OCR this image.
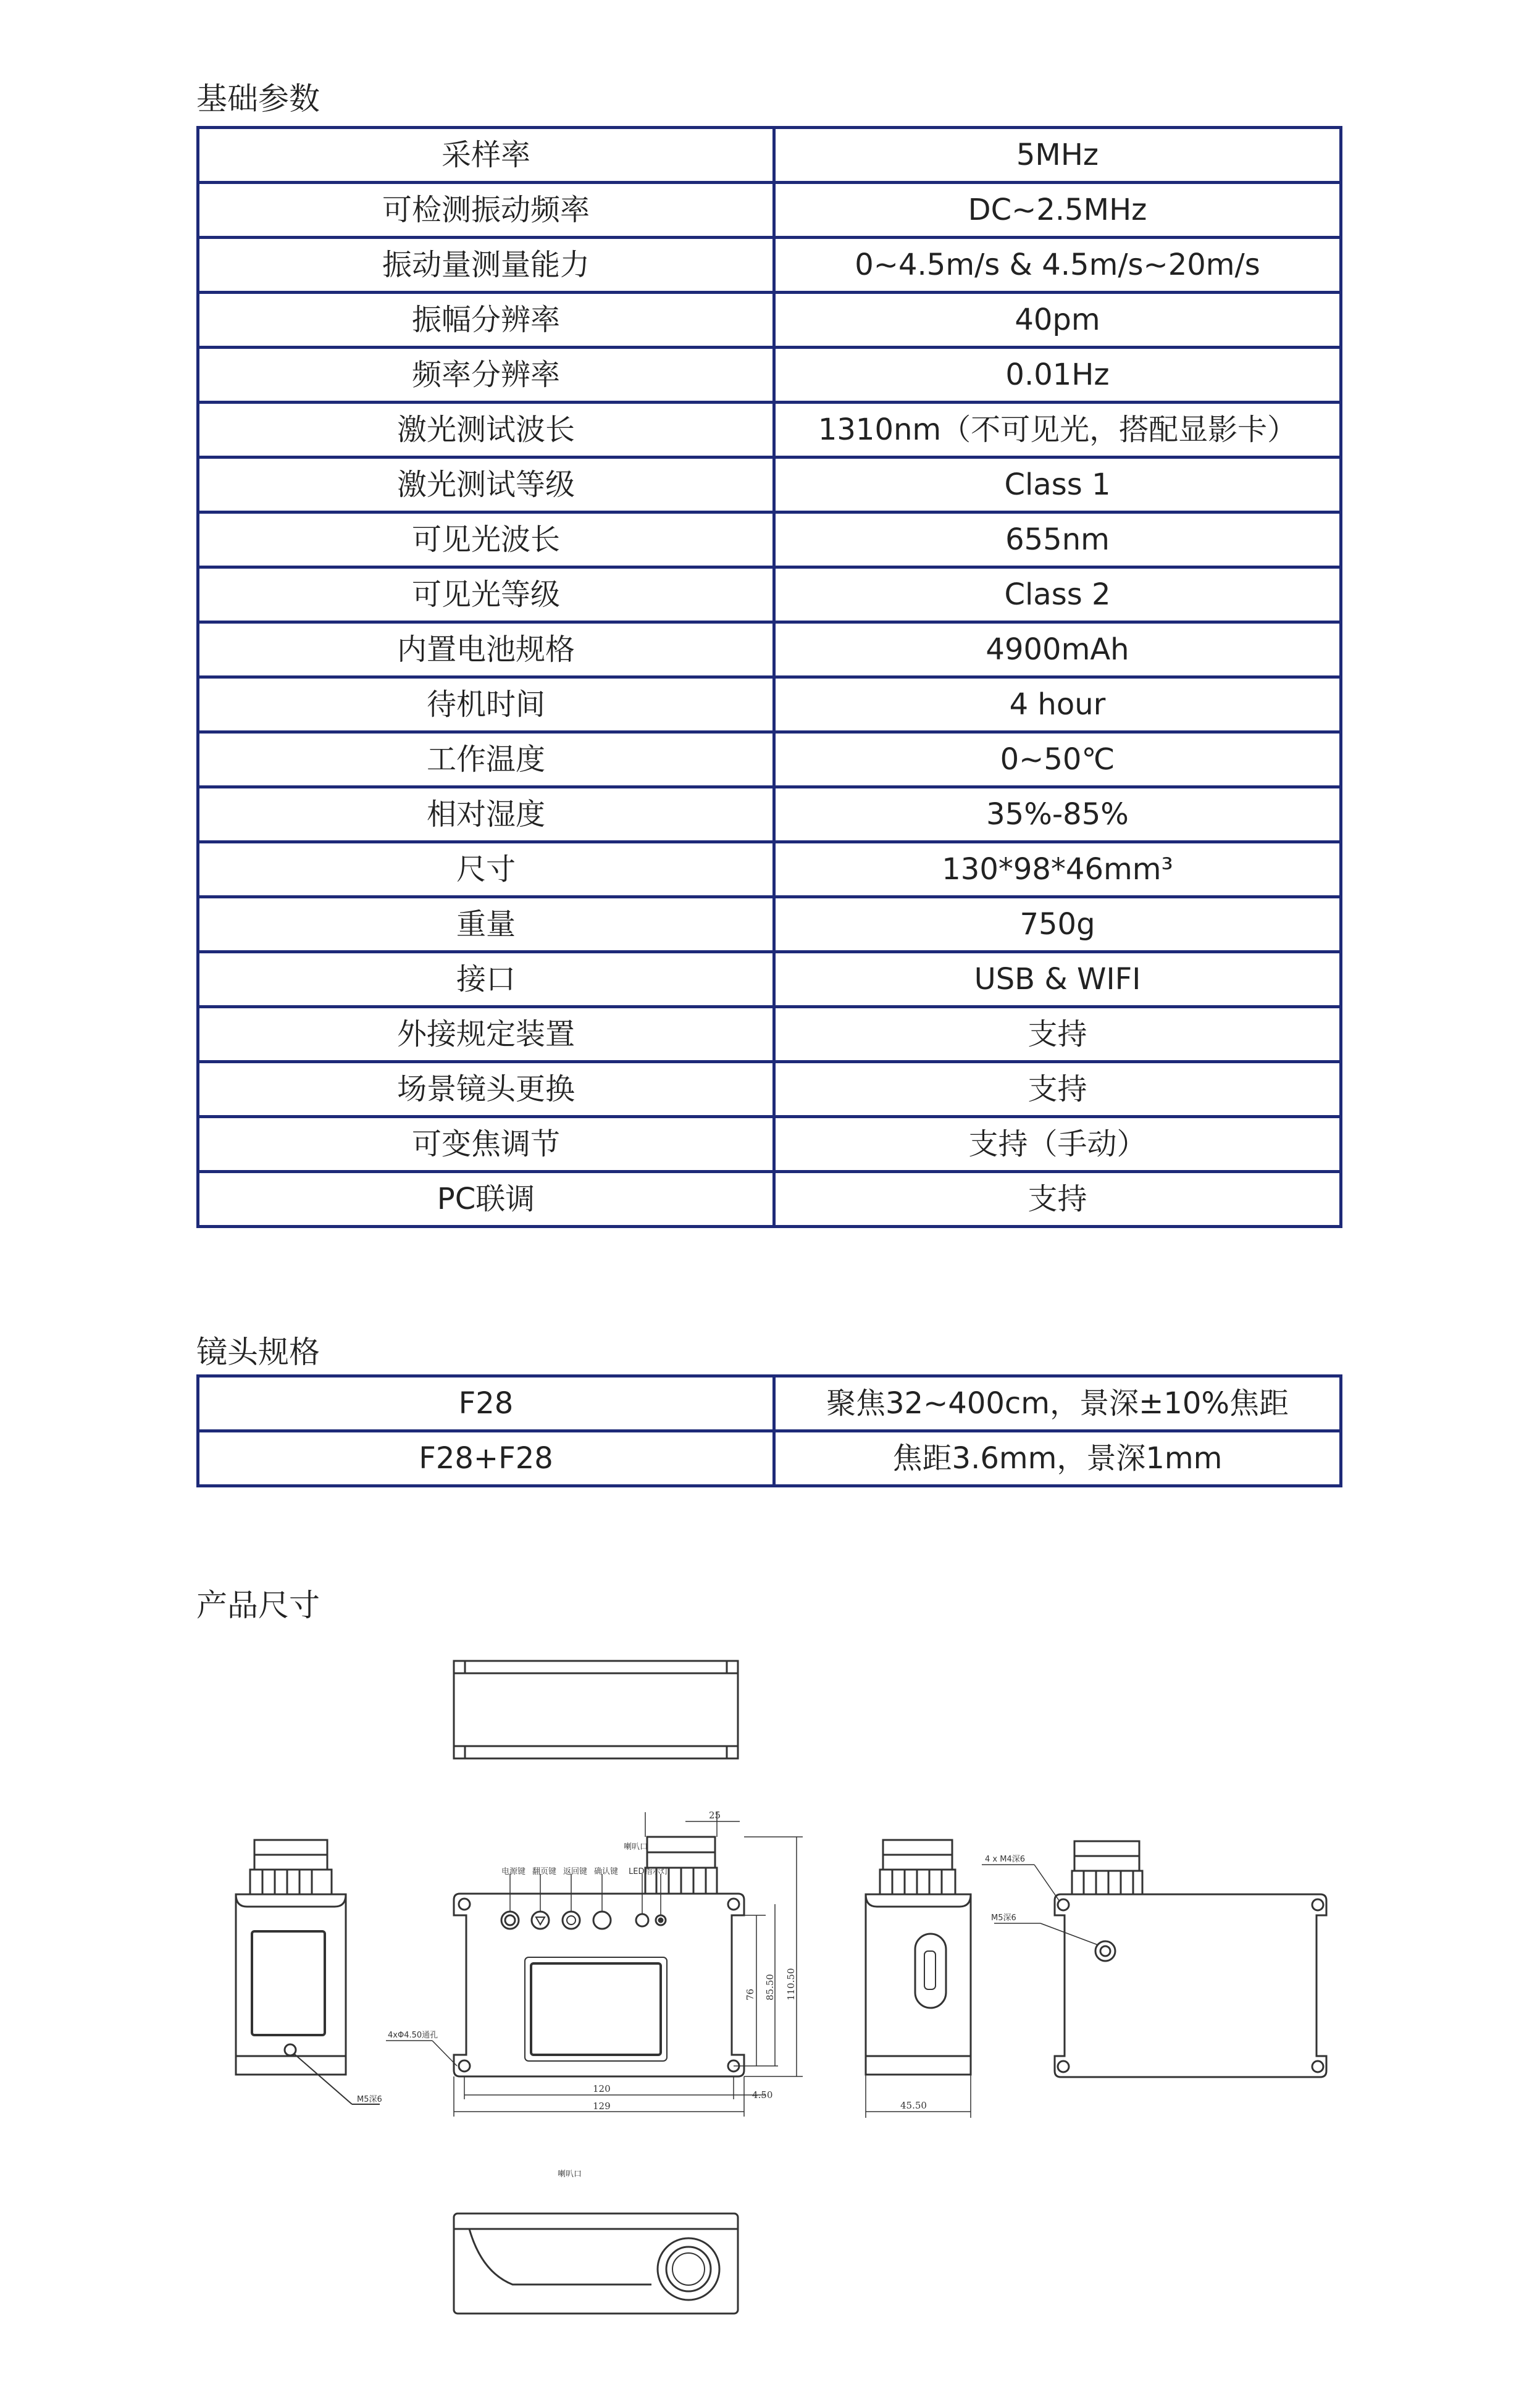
基础参数
采样率	5MHz
可检测振动频率	DC~2.5MHz
振动量测量能力	0~4.5m/s & 4.5m/s~20m/s
振幅分辨率	40pm
频率分辨率	0.01Hz
激光测试波长	1310nm（不可见光，搭配显影卡）
激光测试等级	Class 1
可见光波长	655nm
可见光等级	Class 2
内置电池规格	4900mAh
待机时间	4 hour
工作温度	0~50℃
相对湿度	35%-85%
尺寸	130*98*46mm³
重量	750g
接口	USB & WIFI
外接规定装置	支持
场景镜头更换	支持
可变焦调节	支持（手动）
PC联调	支持
镜头规格
F28	聚焦32~400cm，景深±10%焦距
F28+F28	焦距3.6mm，景深1mm
产品尺寸
电源键 翻页键 返回键 确认键 LED指示灯
喇叭口
4xΦ4.50通孔
M5深6
M5深6
4 x M4深6
喇叭口
25
76 85.50 110.50
120
129
4.50
45.50
